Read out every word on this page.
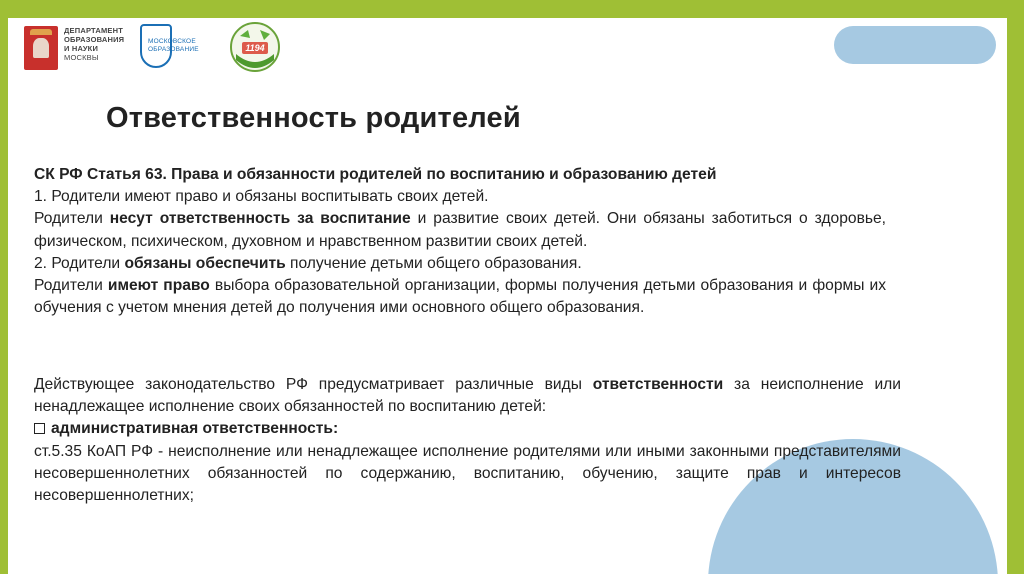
ДЕПАРТАМЕНТ
ОБРАЗОВАНИЯ
И НАУКИ
МОСКВЫ
МОСКОВСКОЕ
ОБРАЗОВАНИЕ	1194
Ответственность родителей
СК РФ Статья 63. Права и обязанности родителей по воспитанию и образованию детей
1. Родители имеют право и обязаны воспитывать своих детей.
Родители несут ответственность за воспитание и развитие своих детей. Они обязаны заботиться о здоровье, физическом, психическом, духовном и нравственном развитии своих детей.
2. Родители обязаны обеспечить получение детьми общего образования.
Родители имеют право выбора образовательной организации, формы получения детьми образования и формы их обучения с учетом мнения детей до получения ими основного общего образования.
Действующее законодательство РФ предусматривает различные виды ответственности за неисполнение или ненадлежащее исполнение своих обязанностей по воспитанию детей:
административная ответственность:
ст.5.35 КоАП РФ - неисполнение или ненадлежащее исполнение родителями или иными законными представителями несовершеннолетних обязанностей по содержанию, воспитанию, обучению, защите прав и интересов несовершеннолетних;
